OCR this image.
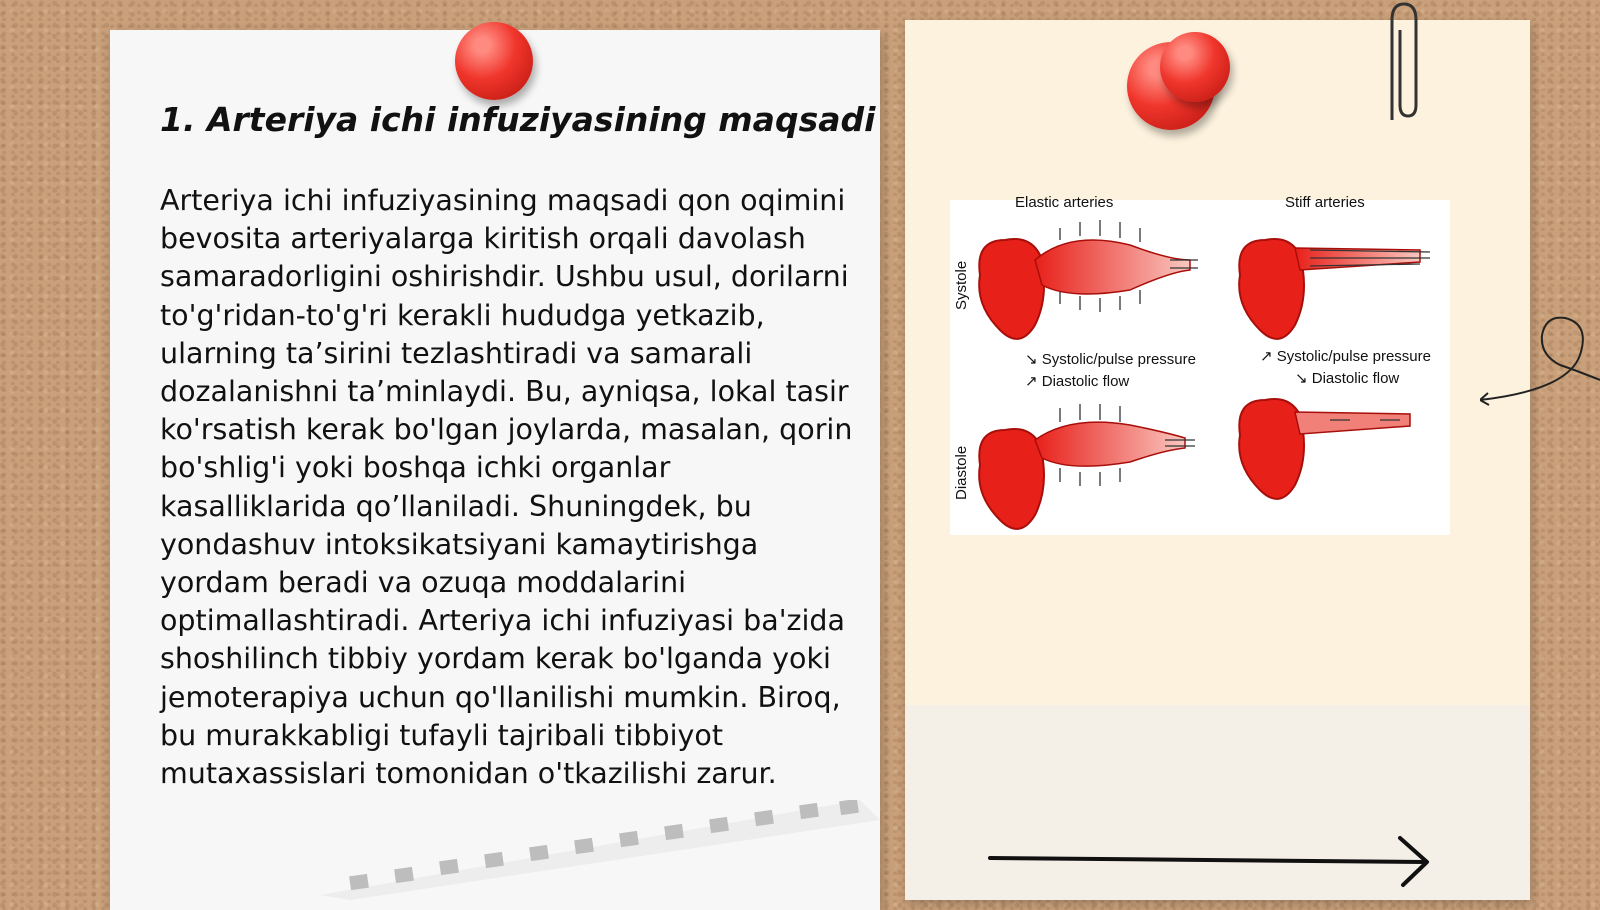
1. Arteriya ichi infuziyasining maqsadi

Arteriya ichi infuziyasining maqsadi qon oqimini bevosita arteriyalarga kiritish orqali davolash samaradorligini oshirishdir. Ushbu usul, dorilarni to'g'ridan-to'g'ri kerakli hududga yetkazib, ularning ta’sirini tezlashtiradi va samarali dozalanishni ta’minlaydi. Bu, ayniqsa, lokal tasir ko'rsatish kerak bo'lgan joylarda, masalan, qorin bo'shlig'i yoki boshqa ichki organlar kasalliklarida qo’llaniladi. Shuningdek, bu yondashuv intoksikatsiyani kamaytirishga yordam beradi va ozuqa moddalarini optimallashtiradi. Arteriya ichi infuziyasi ba'zida shoshilinch tibbiy yordam kerak bo'lganda yoki jemoterapiya uchun qo'llanilishi mumkin. Biroq, bu murakkabligi tufayli tajribali tibbiyot mutaxassislari tomonidan o'tkazilishi zarur.

Elastic arteries	Stiff arteries
Systole
Diastole
↘ Systolic/pulse pressure
↗ Diastolic flow
↗ Systolic/pulse pressure
↘ Diastolic flow
